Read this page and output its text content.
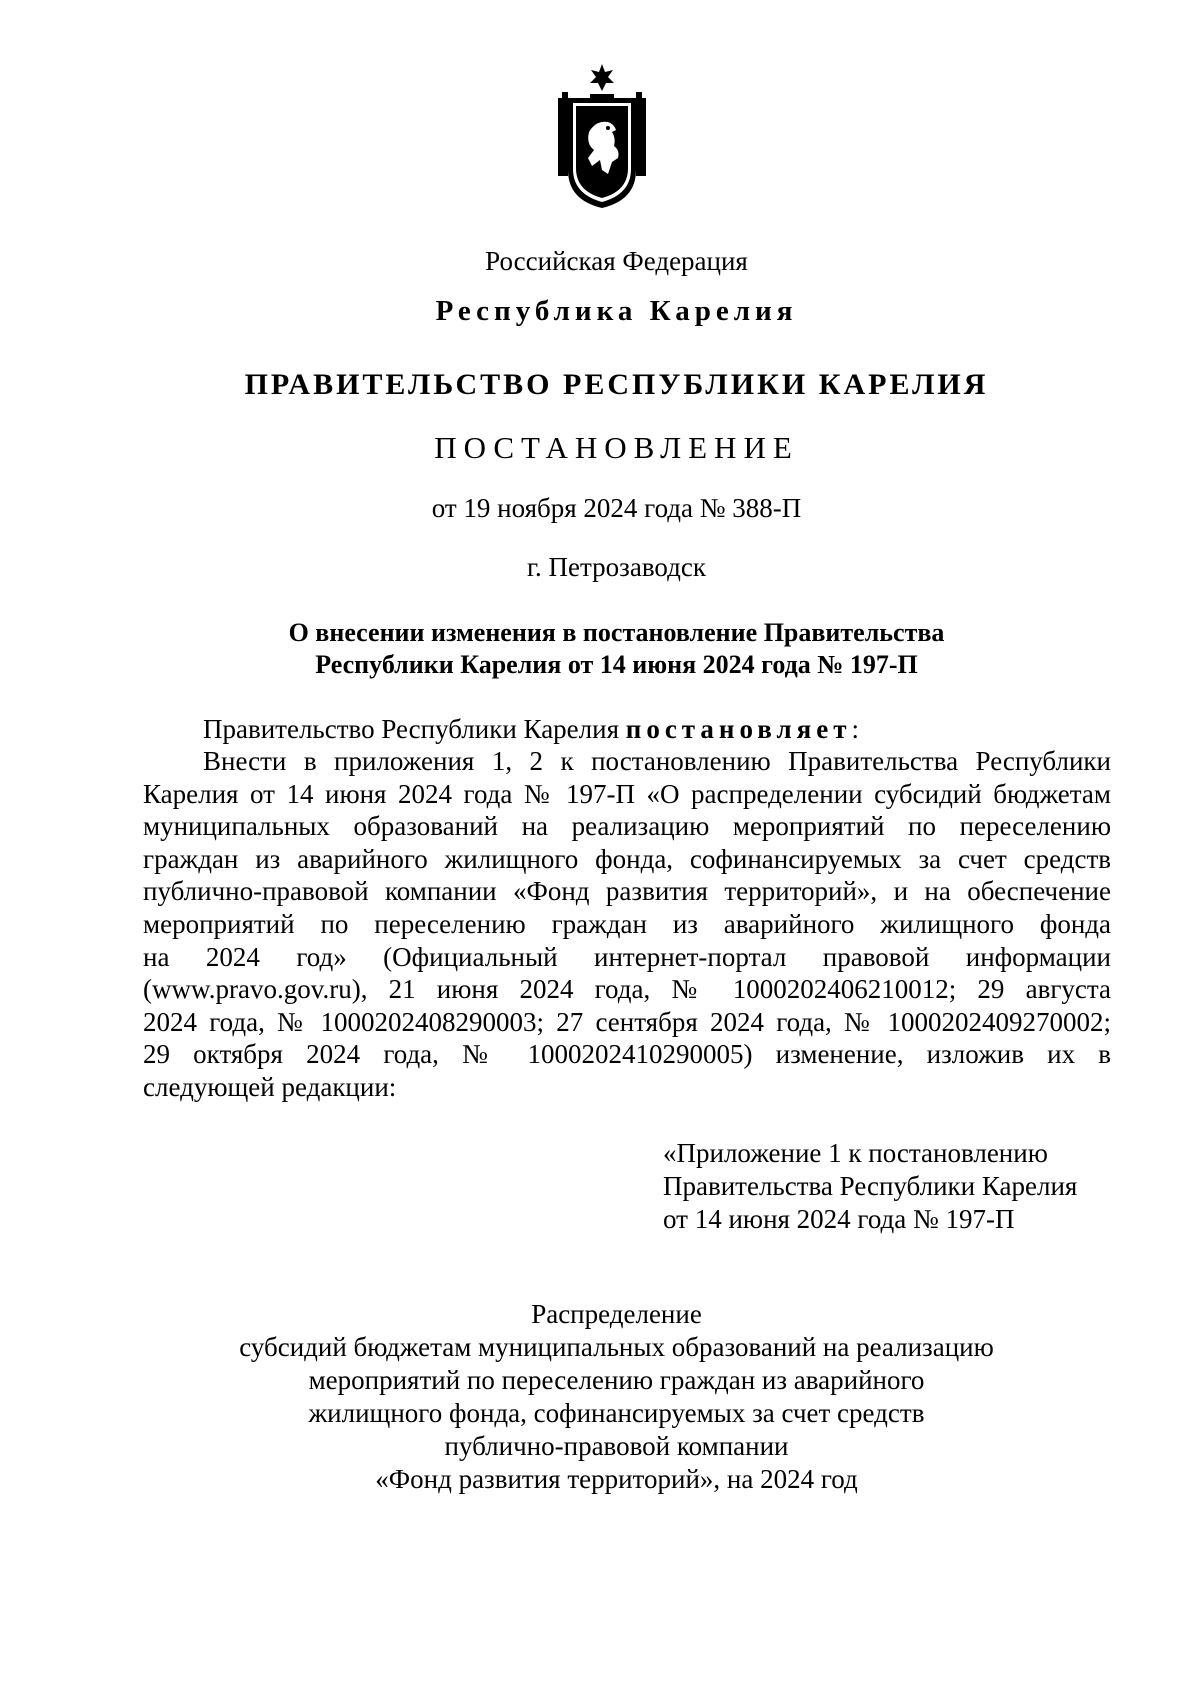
Российская Федерация
Республика Карелия
ПРАВИТЕЛЬСТВО РЕСПУБЛИКИ КАРЕЛИЯ
ПОСТАНОВЛЕНИЕ
от 19 ноября 2024 года № 388-П
г. Петрозаводск
О внесении изменения в постановление Правительства
Республики Карелия от 14 июня 2024 года № 197-П
Правительство Республики Карелия постановляет:
Внести в приложения 1, 2 к постановлению Правительства Республики
Карелия от 14 июня 2024 года № 197-П «О распределении субсидий бюджетам
муниципальных образований на реализацию мероприятий по переселению
граждан из аварийного жилищного фонда, софинансируемых за счет средств
публично-правовой компании «Фонд развития территорий», и на обеспечение
мероприятий по переселению граждан из аварийного жилищного фонда
на 2024 год» (Официальный интернет-портал правовой информации
(www.pravo.gov.ru), 21 июня 2024 года, № 1000202406210012; 29 августа
2024 года, № 1000202408290003; 27 сентября 2024 года, № 1000202409270002;
29 октября 2024 года, № 1000202410290005) изменение, изложив их в
следующей редакции:
«Приложение 1 к постановлению
Правительства Республики Карелия
от 14 июня 2024 года № 197-П
Распределение
субсидий бюджетам муниципальных образований на реализацию
мероприятий по переселению граждан из аварийного
жилищного фонда, софинансируемых за счет средств
публично-правовой компании
«Фонд развития территорий», на 2024 год
